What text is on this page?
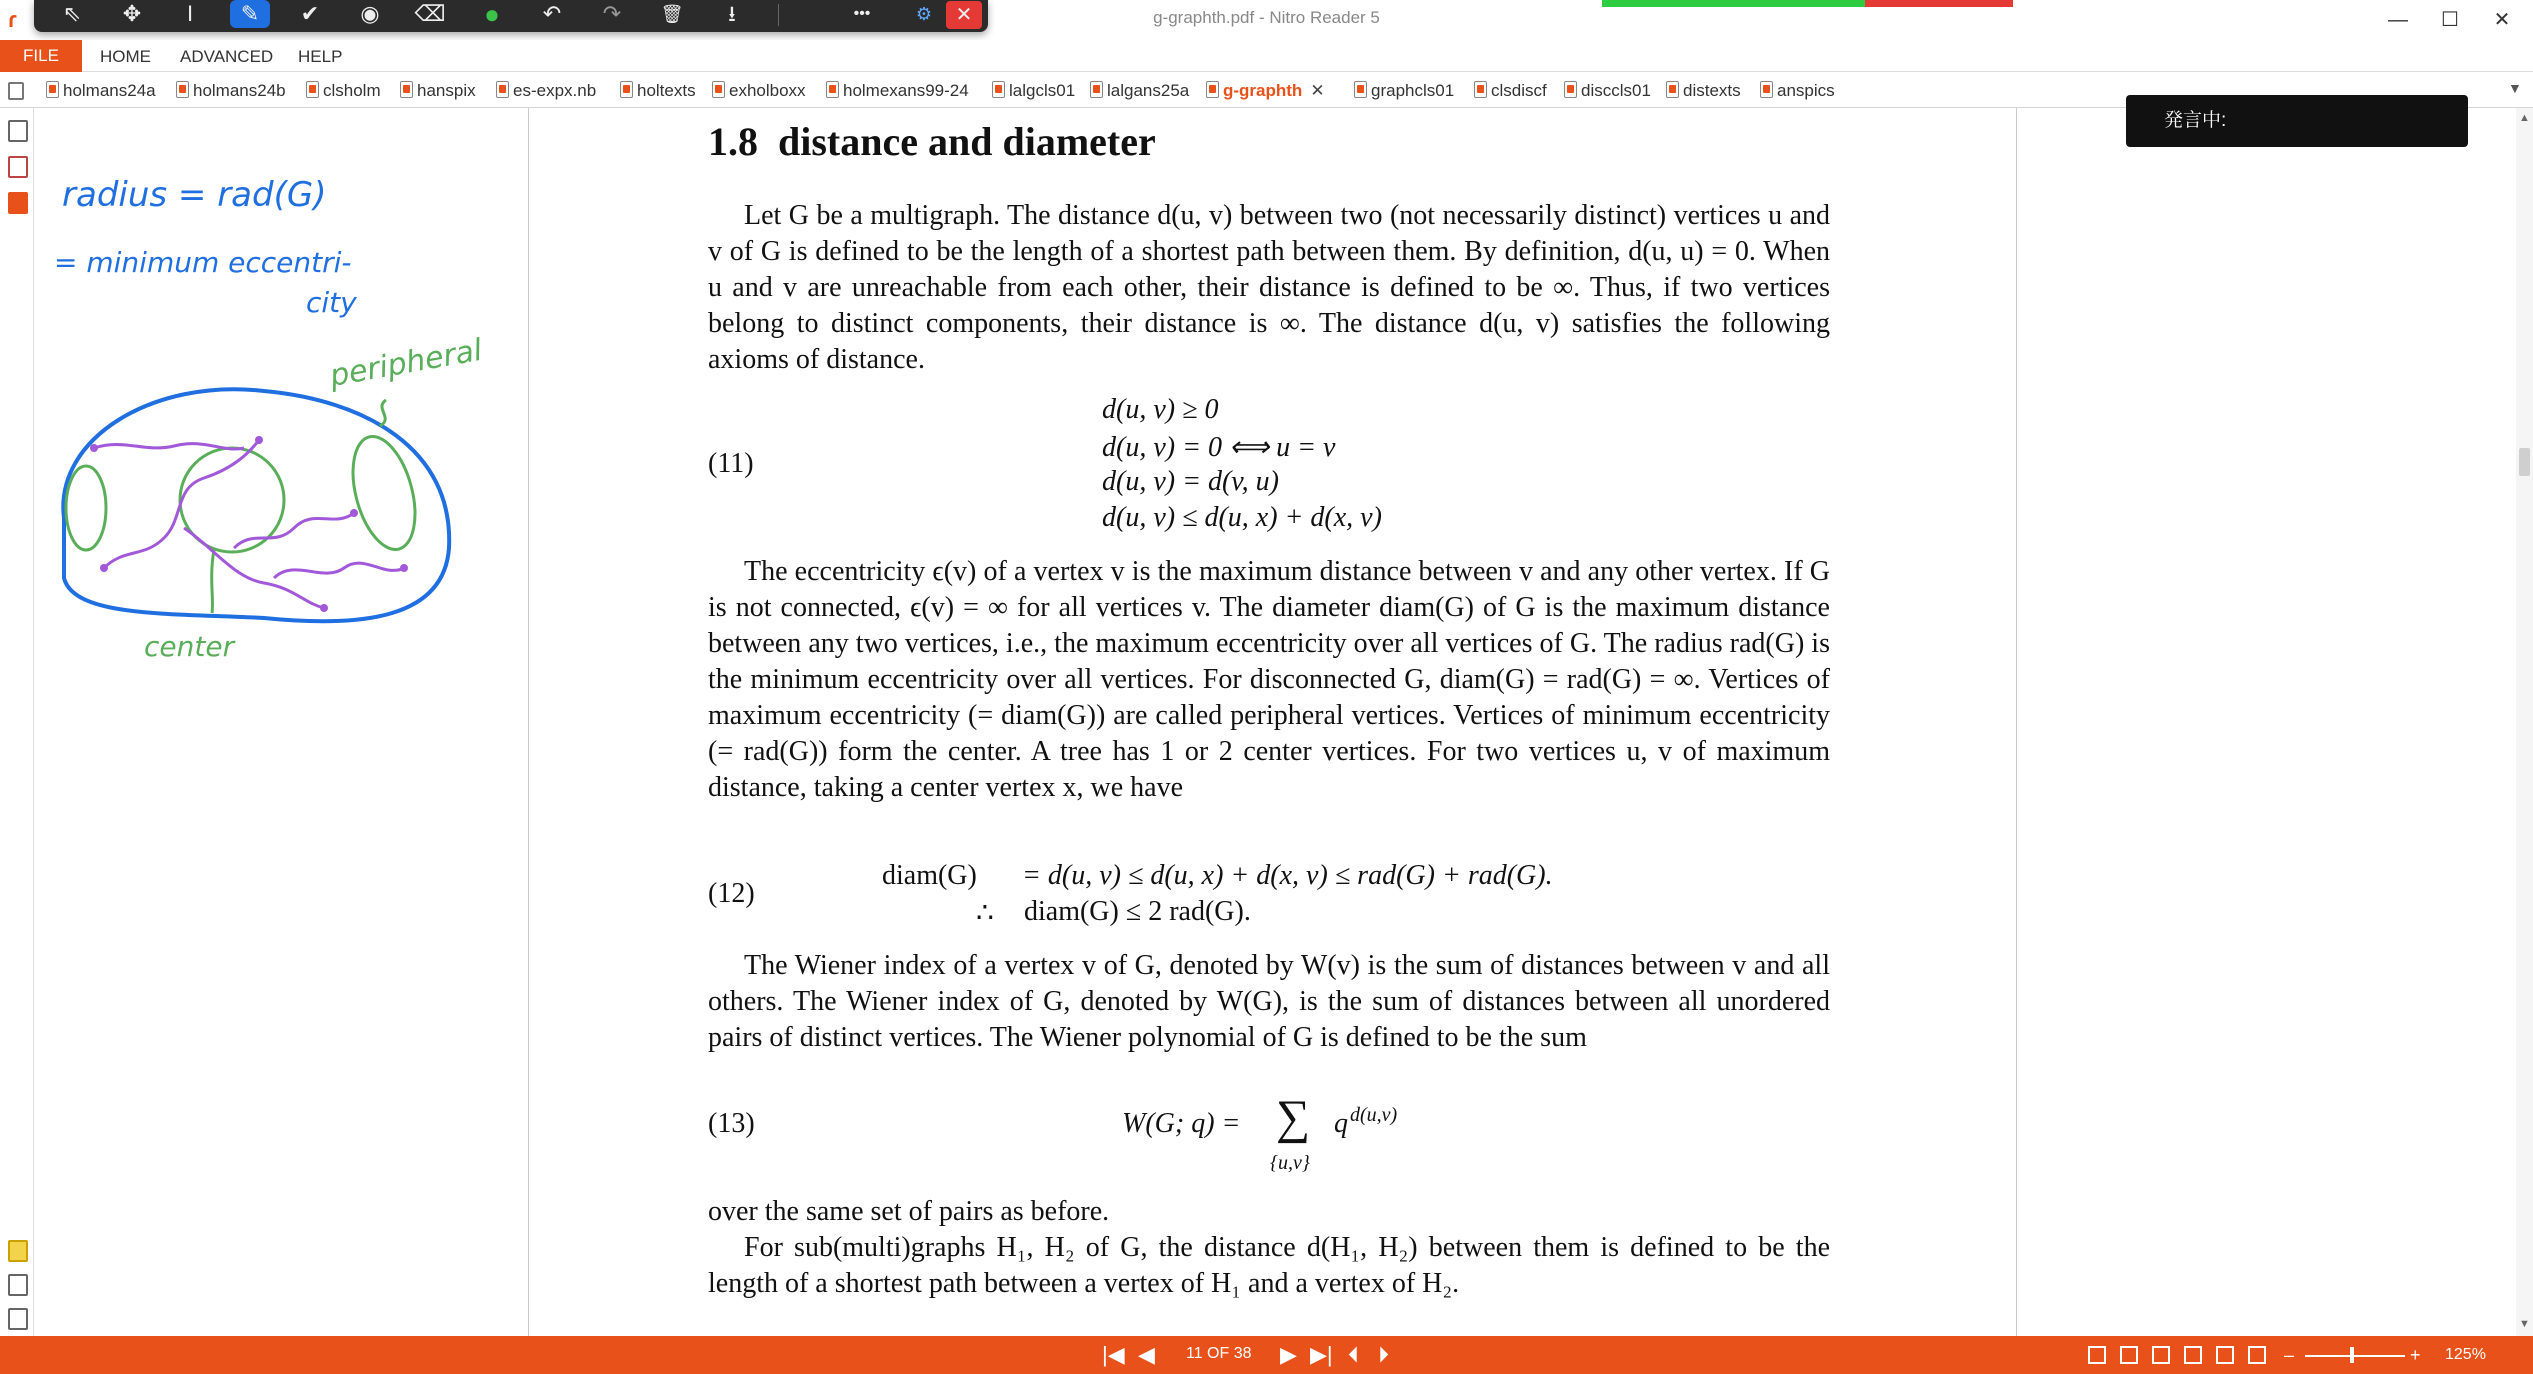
ɾ	g-graphth.pdf - Nitro Reader 5	—	☐	✕
⇖	✥	I	✎	✔	◉	⌫	●	↶	↷	🗑	⭳	•••	⚙	✕
FILE	HOME ADVANCED HELP
holmans24a	holmans24b	clsholm	hanspix	es-expx.nb	holtexts	exholboxx	holmexans99-24	lalgcls01	lalgans25a	g-graphth ✕	graphcls01	clsdiscf	disccls01	distexts	anspics	▼
radius = rad(G)
= minimum eccentri-
city
peripheral
center
▲
▼
発言中:
1.8 distance and diameter
Let G be a multigraph. The distance d(u, v) between two (not necessarily distinct) vertices u and v of G is defined to be the length of a shortest path between them. By definition, d(u, u) = 0. When u and v are unreachable from each other, their distance is defined to be ∞. Thus, if two vertices belong to distinct components, their distance is ∞. The distance d(u, v) satisfies the following axioms of distance.
(11)
d(u, v) ≥ 0
d(u, v) = 0 ⟺ u = v
d(u, v) = d(v, u)
d(u, v) ≤ d(u, x) + d(x, v)
The eccentricity ϵ(v) of a vertex v is the maximum distance between v and any other vertex. If G is not connected, ϵ(v) = ∞ for all vertices v. The diameter diam(G) of G is the maximum distance between any two vertices, i.e., the maximum eccentricity over all vertices of G. The radius rad(G) is the minimum eccentricity over all vertices. For disconnected G, diam(G) = rad(G) = ∞. Vertices of maximum eccentricity (= diam(G)) are called peripheral vertices. Vertices of minimum eccentricity (= rad(G)) form the center. A tree has 1 or 2 center vertices. For two vertices u, v of maximum distance, taking a center vertex x, we have
(12)
diam(G) = d(u, v) ≤ d(u, x) + d(x, v) ≤ rad(G) + rad(G).
∴ diam(G) ≤ 2 rad(G).
The Wiener index of a vertex v of G, denoted by W(v) is the sum of distances between v and all others. The Wiener index of G, denoted by W(G), is the sum of distances between all unordered pairs of distinct vertices. The Wiener polynomial of G is defined to be the sum
(13)	W(G; q) = ∑
{u,v}
q d(u,v)
over the same set of pairs as before.
For sub(multi)graphs H₁, H₂ of G, the distance d(H₁, H₂) between them is defined to be the length of a shortest path between a vertex of H₁ and a vertex of H₂.
|◀ ◀ 11 OF 38 ▶ ▶| ⏴ ⏵	–	+ 125%
